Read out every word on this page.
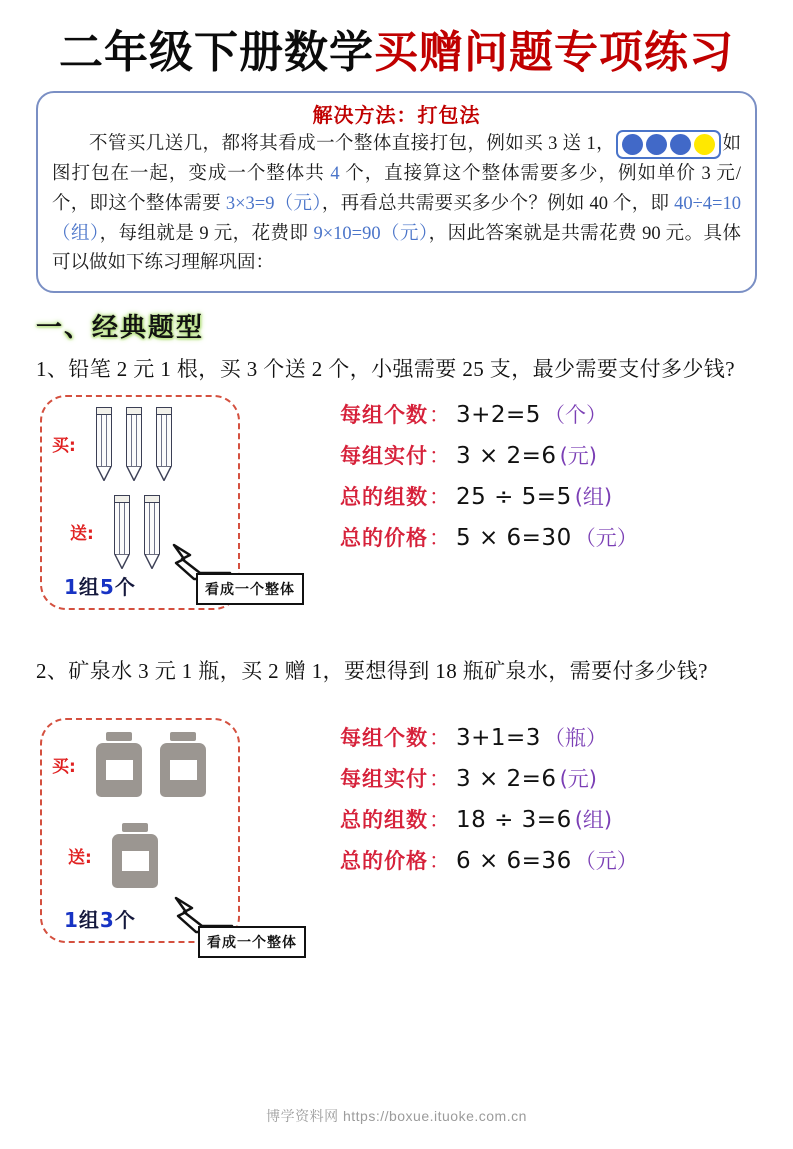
二年级下册数学买赠问题专项练习
解决方法：打包法
不管买几送几，都将其看成一个整体直接打包，例如买 3 送 1，	如图打包在一起，变成一个整体共 4 个，直接算这个整体需要多少，例如单价 3 元/个，即这个整体需要 3×3=9（元），再看总共需要买多少个？例如 40 个，即 40÷4=10（组），每组就是 9 元，花费即 9×10=90（元），因此答案就是共需花费 90 元。具体可以做如下练习理解巩固：
一、经典题型
1、铅笔 2 元 1 根，买 3 个送 2 个，小强需要 25 支，最少需要支付多少钱?
买:
送:
1组5个	看成一个整体
每组个数 ： 3+2=5 （个）
每组实付 ： 3 × 2=6 (元)
总的组数 ： 25 ÷ 5=5 (组)
总的价格 ： 5 × 6=30 （元）
2、矿泉水 3 元 1 瓶，买 2 赠 1，要想得到 18 瓶矿泉水，需要付多少钱?
买:
送:
1组3个
看成一个整体
每组个数 ： 3+1=3 （瓶）
每组实付 ： 3 × 2=6 (元)
总的组数 ： 18 ÷ 3=6 (组)
总的价格 ： 6 × 6=36 （元）
博学资料网 https://boxue.ituoke.com.cn
